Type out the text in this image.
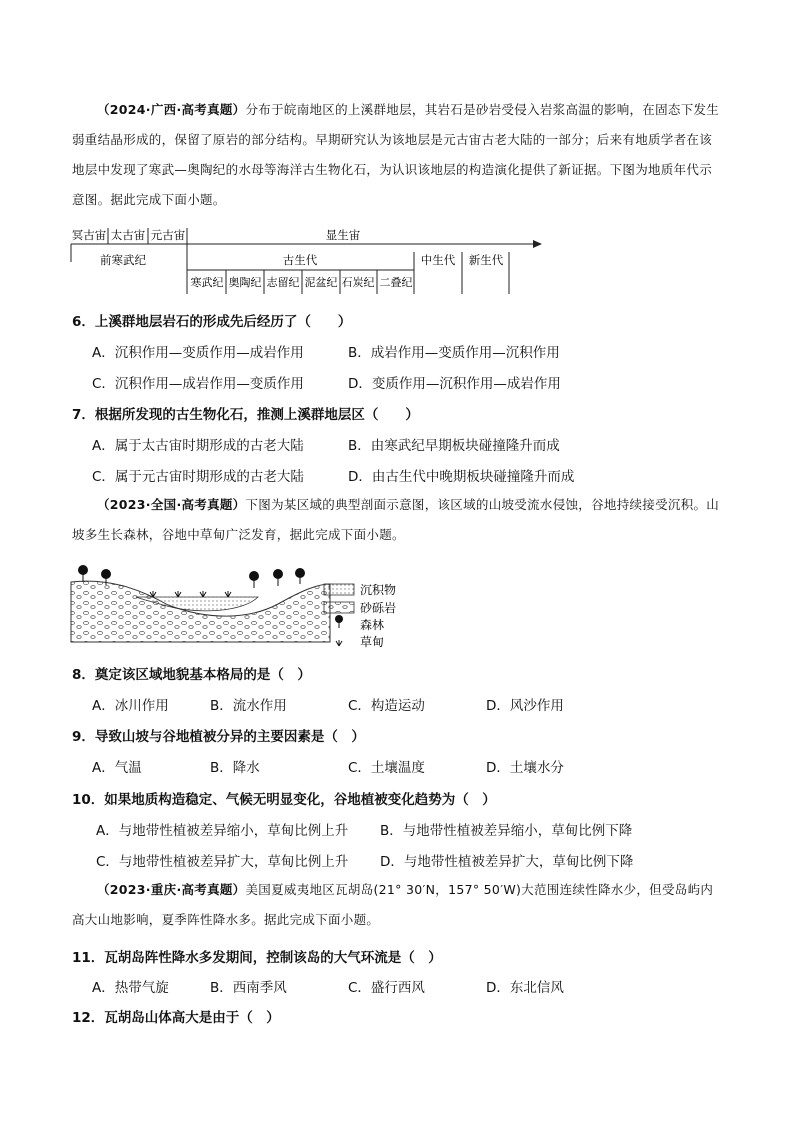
（2024·广西·高考真题）分布于皖南地区的上溪群地层，其岩石是砂岩受侵入岩浆高温的影响，在固态下发生弱重结晶形成的，保留了原岩的部分结构。早期研究认为该地层是元古宙古老大陆的一部分；后来有地质学者在该地层中发现了寒武—奥陶纪的水母等海洋古生物化石，为认识该地层的构造演化提供了新证据。下图为地质年代示意图。据此完成下面小题。

冥古宙 太古宙 元古宙	显生宙
前寒武纪	古生代	中生代 新生代
寒武纪 奥陶纪 志留纪 泥盆纪 石炭纪 二叠纪

6．上溪群地层岩石的形成先后经历了（　　）

A．沉积作用—变质作用—成岩作用	B．成岩作用—变质作用—沉积作用

C．沉积作用—成岩作用—变质作用	D．变质作用—沉积作用—成岩作用

7．根据所发现的古生物化石，推测上溪群地层区（　　）

A．属于太古宙时期形成的古老大陆	B．由寒武纪早期板块碰撞隆升而成

C．属于元古宙时期形成的古老大陆	D．由古生代中晚期板块碰撞隆升而成

（2023·全国·高考真题）下图为某区域的典型剖面示意图，该区域的山坡受流水侵蚀，谷地持续接受沉积。山坡多生长森林，谷地中草甸广泛发育，据此完成下面小题。

沉积物
砂砾岩
森林
草甸

8．奠定该区域地貌基本格局的是（　）

A．冰川作用	B．流水作用	C．构造运动	D．风沙作用

9．导致山坡与谷地植被分异的主要因素是（　）

A．气温	B．降水	C．土壤温度	D．土壤水分

10．如果地质构造稳定、气候无明显变化，谷地植被变化趋势为（　）

A．与地带性植被差异缩小，草甸比例上升 B．与地带性植被差异缩小，草甸比例下降

C．与地带性植被差异扩大，草甸比例上升 D．与地带性植被差异扩大，草甸比例下降

（2023·重庆·高考真题）美国夏威夷地区瓦胡岛(21° 30′N，157° 50′W)大范围连续性降水少，但受岛屿内高大山地影响，夏季阵性降水多。据此完成下面小题。

11．瓦胡岛阵性降水多发期间，控制该岛的大气环流是（　）

A．热带气旋	B．西南季风	C．盛行西风	D．东北信风

12．瓦胡岛山体高大是由于（　）
